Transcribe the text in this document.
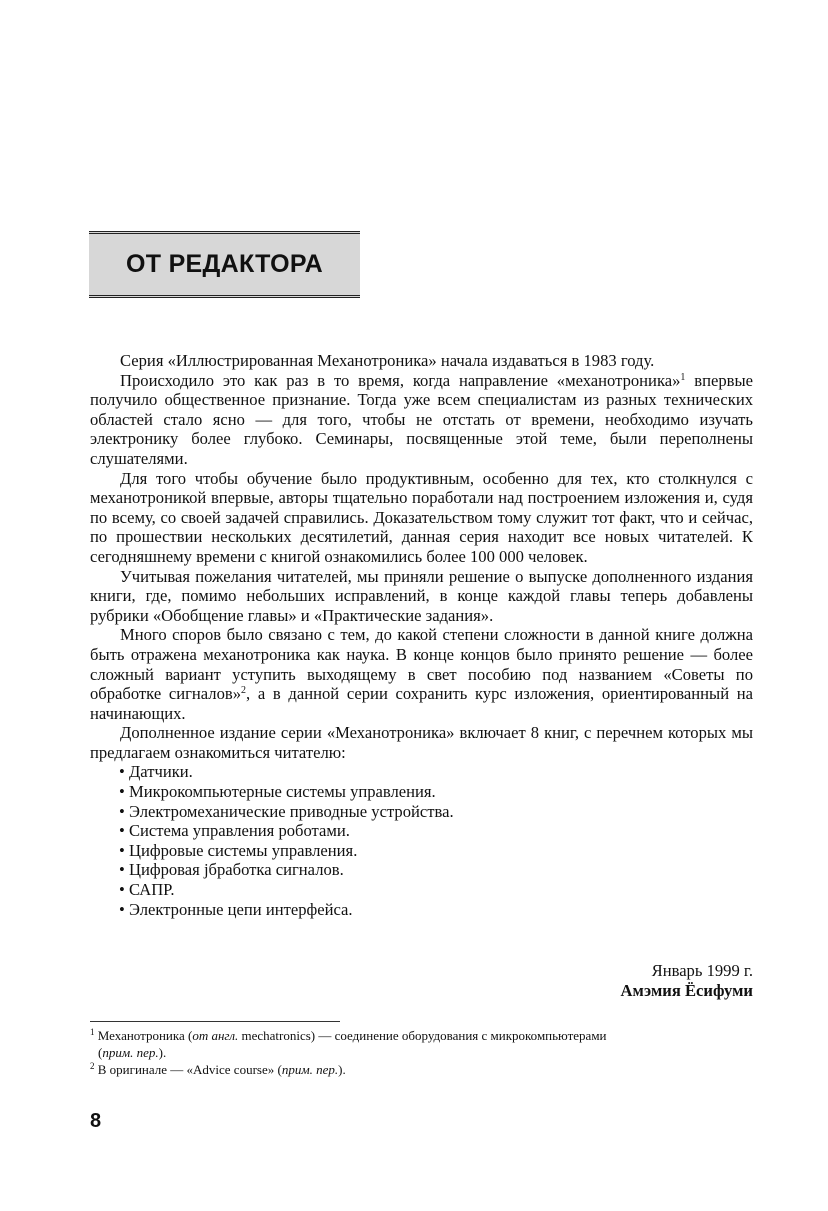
ОТ РЕДАКТОРА

Серия «Иллюстрированная Механотроника» начала издаваться в 1983 году.

Происходило это как раз в то время, когда направление «механотроника»$^1$ впервые получило общественное признание. Тогда уже всем специалистам из разных технических областей стало ясно — для того, чтобы не отстать от времени, необходимо изучать электронику более глубоко. Семинары, посвященные этой теме, были переполнены слушателями.

Для того чтобы обучение было продуктивным, особенно для тех, кто столкнулся с механотроникой впервые, авторы тщательно поработали над построением изложения и, судя по всему, со своей задачей справились. Доказательством тому служит тот факт, что и сейчас, по прошествии нескольких десятилетий, данная серия находит все новых читателей. К сегодняшнему времени с книгой ознакомились более 100 000 человек.

Учитывая пожелания читателей, мы приняли решение о выпуске дополненного издания книги, где, помимо небольших исправлений, в конце каждой главы теперь добавлены рубрики «Обобщение главы» и «Практические задания».

Много споров было связано с тем, до какой степени сложности в данной книге должна быть отражена механотроника как наука. В конце концов было принято решение — более сложный вариант уступить выходящему в свет пособию под названием «Советы по обработке сигналов»$^2$, а в данной серии сохранить курс изложения, ориентированный на начинающих.

Дополненное издание серии «Механотроника» включает 8 книг, с перечнем которых мы предлагаем ознакомиться читателю:

• Датчики.
• Микрокомпьютерные системы управления.
• Электромеханические приводные устройства.
• Система управления роботами.
• Цифровые системы управления.
• Цифровая јбработка сигналов.
• САПР.
• Электронные цепи интерфейса.
Январь 1999 г.
Амэмия Ёсифуми

$^1$ Механотроника (от англ. mechatronics) — соединение оборудования с микрокомпьютерами

(прим. пер.).

$^2$ В оригинале — «Advice course» (прим. пер.).

8
